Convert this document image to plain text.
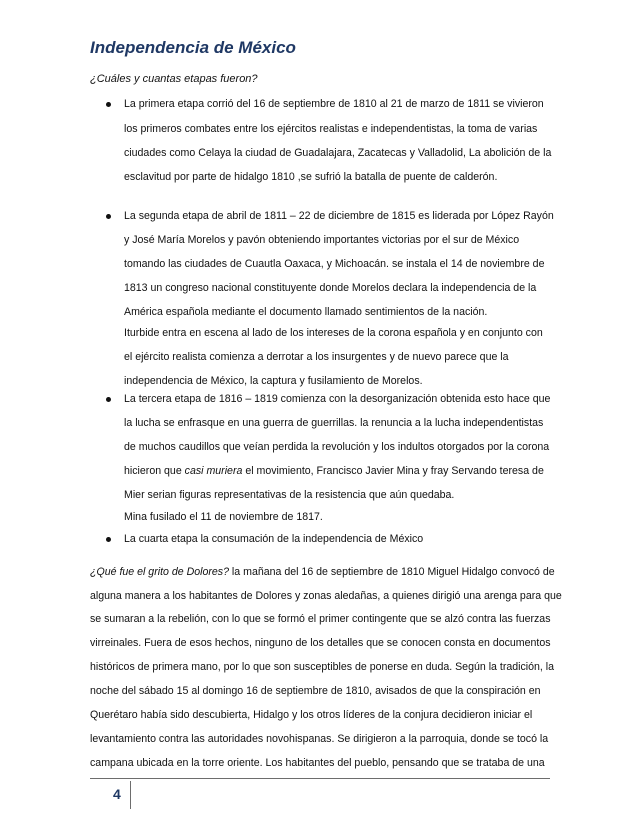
Independencia de México

¿Cuáles y cuantas etapas fueron?

La primera etapa corrió del 16 de septiembre de 1810 al 21 de marzo de 1811 se vivieron
los primeros combates entre los ejércitos realistas e independentistas, la toma de varias
ciudades como Celaya la ciudad de Guadalajara, Zacatecas y Valladolid, La abolición de la
esclavitud por parte de hidalgo 1810 ,se sufrió la batalla de puente de calderón.
La segunda etapa de abril de 1811 – 22 de diciembre de 1815 es liderada por López Rayón
y José María Morelos y pavón obteniendo importantes victorias por el sur de México
tomando las ciudades de Cuautla Oaxaca, y Michoacán. se instala el 14 de noviembre de
1813 un congreso nacional constituyente donde Morelos declara la independencia de la
América española mediante el documento llamado sentimientos de la nación.
Iturbide entra en escena al lado de los intereses de la corona española y en conjunto con
el ejército realista comienza a derrotar a los insurgentes y de nuevo parece que la
independencia de México, la captura y fusilamiento de Morelos.
La tercera etapa de 1816 – 1819 comienza con la desorganización obtenida esto hace que
la lucha se enfrasque en una guerra de guerrillas. la renuncia a la lucha independentistas
de muchos caudillos que veían perdida la revolución y los indultos otorgados por la corona
hicieron que casi muriera el movimiento, Francisco Javier Mina y fray Servando teresa de
Mier serian figuras representativas de la resistencia que aún quedaba.
Mina fusilado el 11 de noviembre de 1817.
La cuarta etapa la consumación de la independencia de México
¿Qué fue el grito de Dolores? la mañana del 16 de septiembre de 1810 Miguel Hidalgo convocó de
alguna manera a los habitantes de Dolores y zonas aledañas, a quienes dirigió una arenga para que
se sumaran a la rebelión, con lo que se formó el primer contingente que se alzó contra las fuerzas
virreinales. Fuera de esos hechos, ninguno de los detalles que se conocen consta en documentos
históricos de primera mano, por lo que son susceptibles de ponerse en duda. Según la tradición, la
noche del sábado 15 al domingo 16 de septiembre de 1810, avisados de que la conspiración en
Querétaro había sido descubierta, Hidalgo y los otros líderes de la conjura decidieron iniciar el
levantamiento contra las autoridades novohispanas. Se dirigieron a la parroquia, donde se tocó la
campana ubicada en la torre oriente. Los habitantes del pueblo, pensando que se trataba de una
4
